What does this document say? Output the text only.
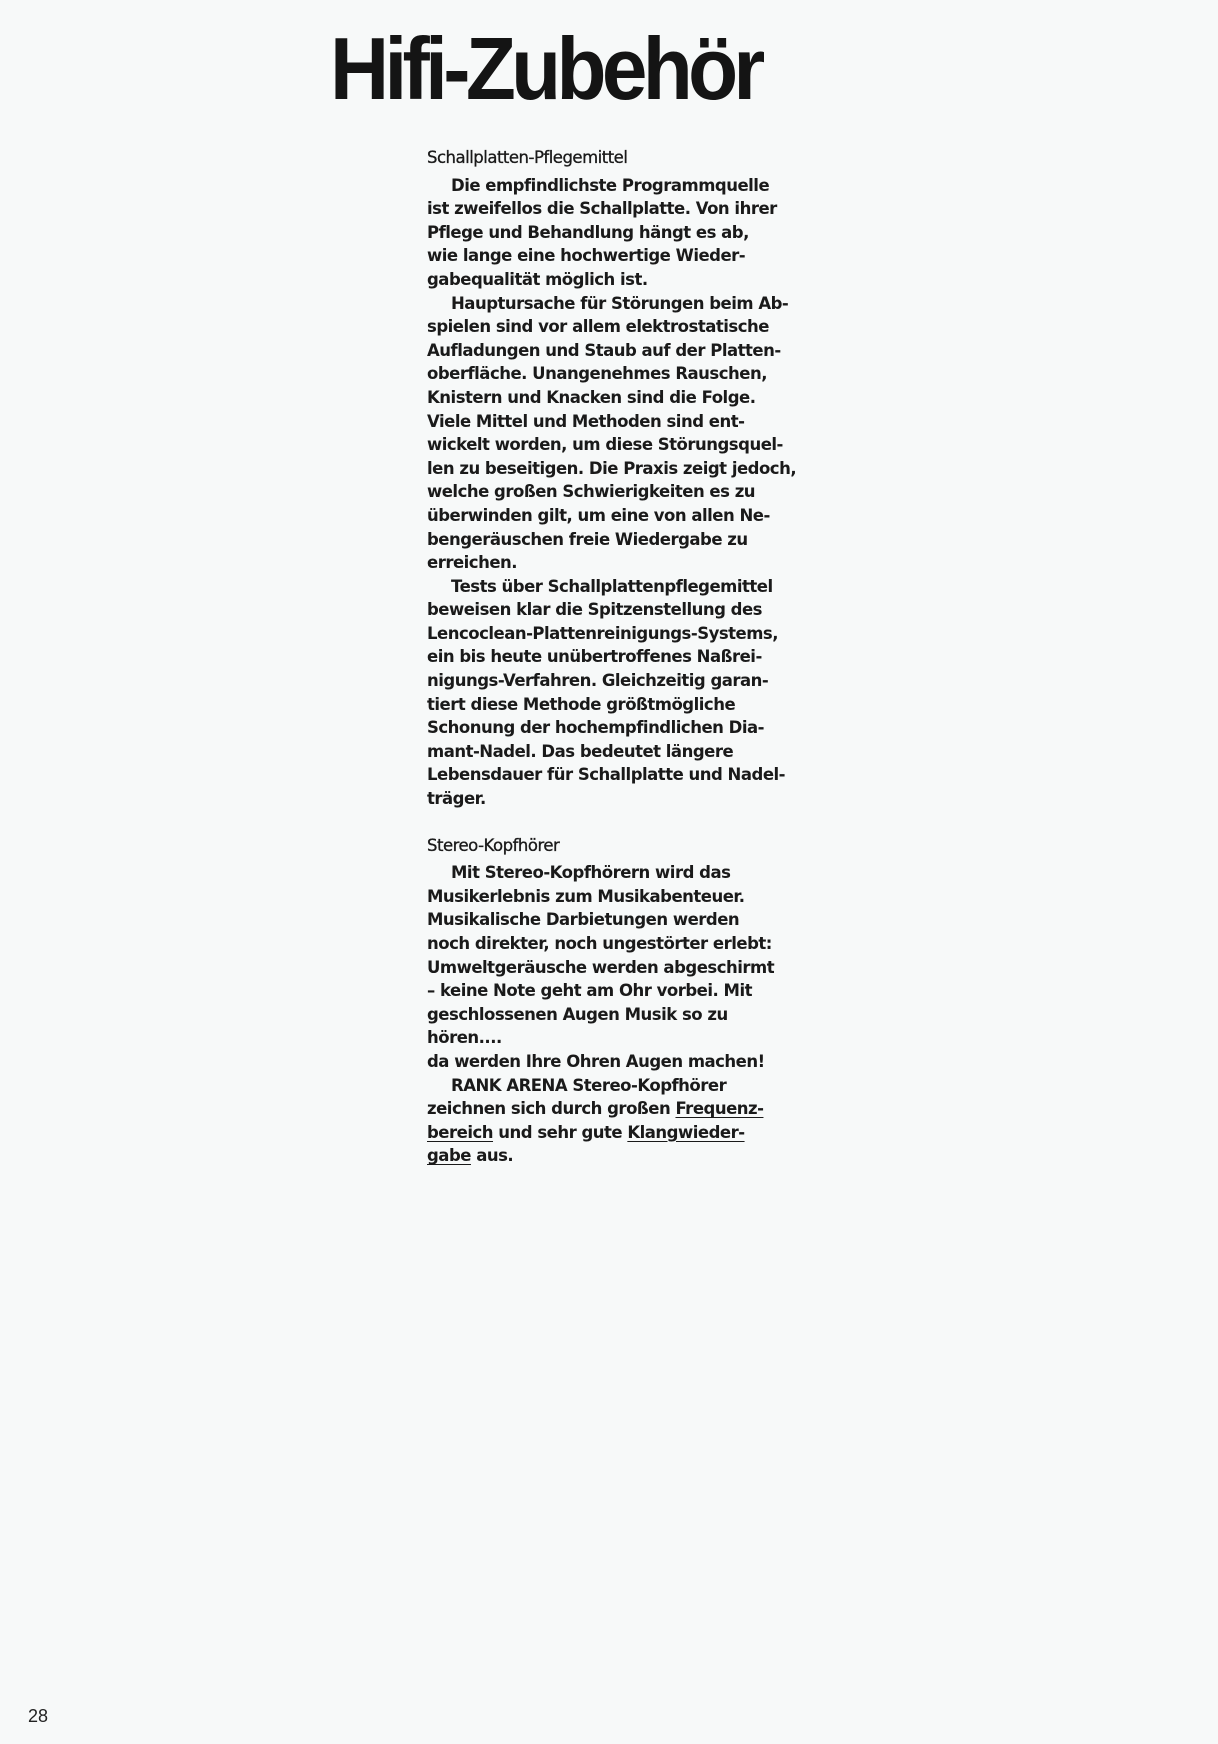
Hifi-Zubehör
Schallplatten-Pflegemittel
Die empfindlichste Programmquelle
ist zweifellos die Schallplatte. Von ihrer
Pflege und Behandlung hängt es ab,
wie lange eine hochwertige Wieder-
gabequalität möglich ist.
Hauptursache für Störungen beim Ab-
spielen sind vor allem elektrostatische
Aufladungen und Staub auf der Platten-
oberfläche. Unangenehmes Rauschen,
Knistern und Knacken sind die Folge.
Viele Mittel und Methoden sind ent-
wickelt worden, um diese Störungsquel-
len zu beseitigen. Die Praxis zeigt jedoch,
welche großen Schwierigkeiten es zu
überwinden gilt, um eine von allen Ne-
bengeräuschen freie Wiedergabe zu
erreichen.
Tests über Schallplattenpflegemittel
beweisen klar die Spitzenstellung des
Lencoclean-Plattenreinigungs-Systems,
ein bis heute unübertroffenes Naßrei-
nigungs-Verfahren. Gleichzeitig garan-
tiert diese Methode größtmögliche
Schonung der hochempfindlichen Dia-
mant-Nadel. Das bedeutet längere
Lebensdauer für Schallplatte und Nadel-
träger.
Stereo-Kopfhörer
Mit Stereo-Kopfhörern wird das
Musikerlebnis zum Musikabenteuer.
Musikalische Darbietungen werden
noch direkter, noch ungestörter erlebt:
Umweltgeräusche werden abgeschirmt
– keine Note geht am Ohr vorbei. Mit
geschlossenen Augen Musik so zu
hören....
da werden Ihre Ohren Augen machen!
RANK ARENA Stereo-Kopfhörer
zeichnen sich durch großen Frequenz-
bereich und sehr gute Klangwieder-
gabe aus.
28
